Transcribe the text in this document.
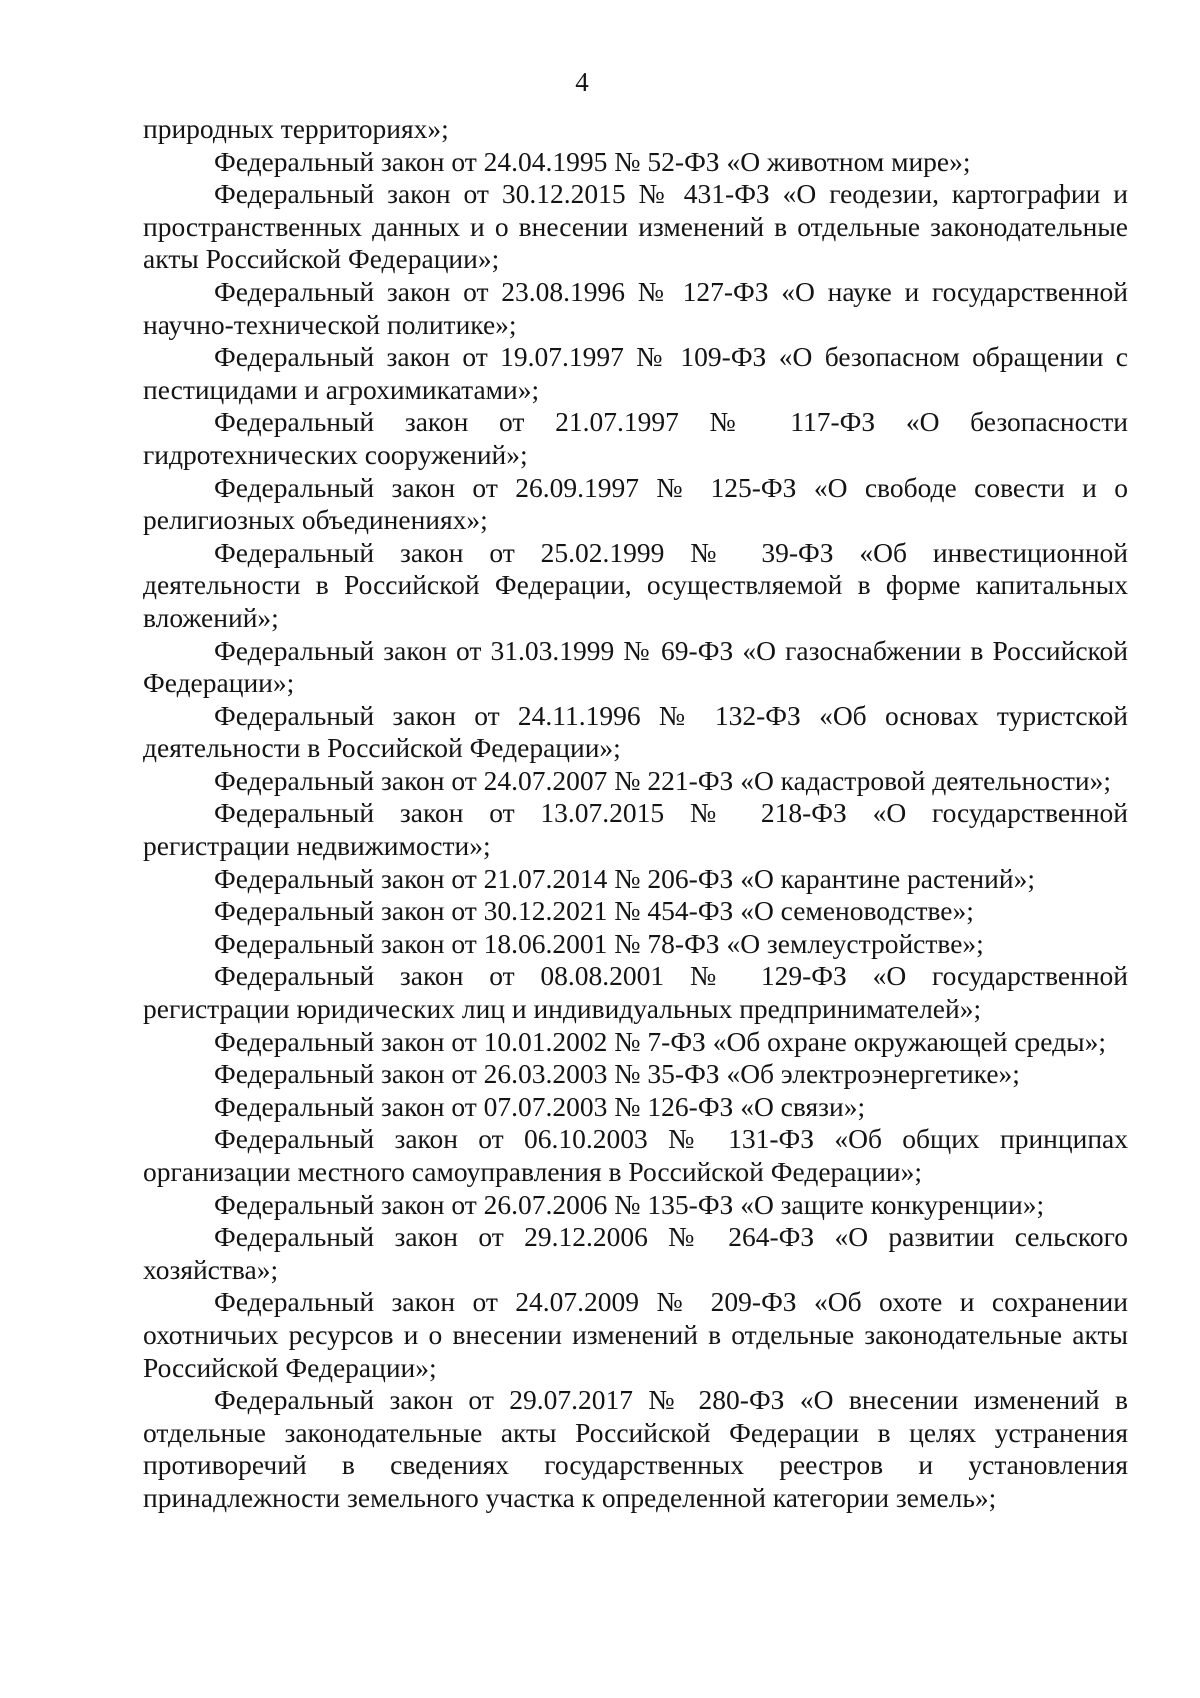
4

природных территориях»;

Федеральный закон от 24.04.1995 № 52-ФЗ «О животном мире»;

Федеральный закон от 30.12.2015 № 431-ФЗ «О геодезии, картографии и пространственных данных и о внесении изменений в отдельные законодательные акты Российской Федерации»;

Федеральный закон от 23.08.1996 № 127-ФЗ «О науке и государственной научно-технической политике»;

Федеральный закон от 19.07.1997 № 109-ФЗ «О безопасном обращении с пестицидами и агрохимикатами»;

Федеральный закон от 21.07.1997 № 117-ФЗ «О безопасности гидротехнических сооружений»;

Федеральный закон от 26.09.1997 № 125-ФЗ «О свободе совести и о религиозных объединениях»;

Федеральный закон от 25.02.1999 № 39-ФЗ «Об инвестиционной деятельности в Российской Федерации, осуществляемой в форме капитальных вложений»;

Федеральный закон от 31.03.1999 № 69-ФЗ «О газоснабжении в Российской Федерации»;

Федеральный закон от 24.11.1996 № 132-ФЗ «Об основах туристской деятельности в Российской Федерации»;

Федеральный закон от 24.07.2007 № 221-ФЗ «О кадастровой деятельности»;

Федеральный закон от 13.07.2015 № 218-ФЗ «О государственной регистрации недвижимости»;

Федеральный закон от 21.07.2014 № 206-ФЗ «О карантине растений»;

Федеральный закон от 30.12.2021 № 454-ФЗ «О семеноводстве»;

Федеральный закон от 18.06.2001 № 78-ФЗ «О землеустройстве»;

Федеральный закон от 08.08.2001 № 129-ФЗ «О государственной регистрации юридических лиц и индивидуальных предпринимателей»;

Федеральный закон от 10.01.2002 № 7-ФЗ «Об охране окружающей среды»;

Федеральный закон от 26.03.2003 № 35-ФЗ «Об электроэнергетике»;

Федеральный закон от 07.07.2003 № 126-ФЗ «О связи»;

Федеральный закон от 06.10.2003 № 131-ФЗ «Об общих принципах организации местного самоуправления в Российской Федерации»;

Федеральный закон от 26.07.2006 № 135-ФЗ «О защите конкуренции»;

Федеральный закон от 29.12.2006 № 264-ФЗ «О развитии сельского хозяйства»;

Федеральный закон от 24.07.2009 № 209-ФЗ «Об охоте и сохранении охотничьих ресурсов и о внесении изменений в отдельные законодательные акты Российской Федерации»;

Федеральный закон от 29.07.2017 № 280-ФЗ «О внесении изменений в отдельные законодательные акты Российской Федерации в целях устранения противоречий в сведениях государственных реестров и установления принадлежности земельного участка к определенной категории земель»;
